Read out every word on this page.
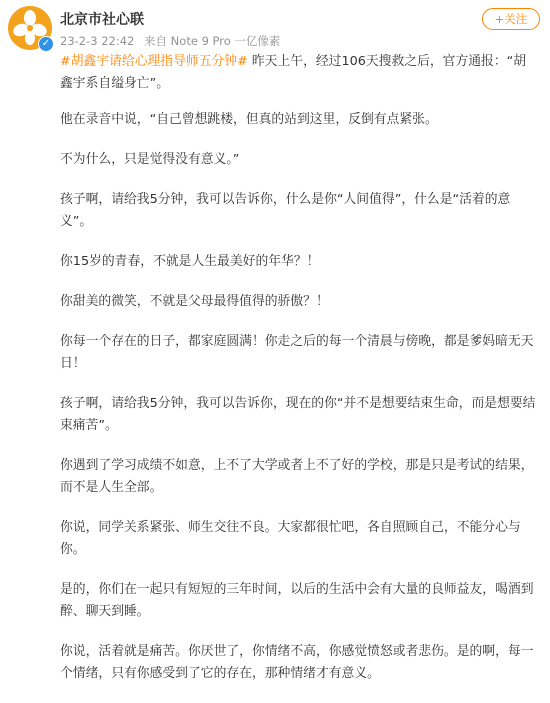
✓
北京市社心联
23-2-3 22:42 来自 Note 9 Pro 一亿像素
+关注
#胡鑫宇请给心理指导师五分钟# 昨天上午，经过106天搜救之后，官方通报：“胡鑫宇系自缢身亡”。
他在录音中说，“自己曾想跳楼，但真的站到这里，反倒有点紧张。
不为什么，只是觉得没有意义。”
孩子啊，请给我5分钟，我可以告诉你，什么是你“人间值得”，什么是“活着的意义”。
你15岁的青春，不就是人生最美好的年华？！
你甜美的微笑，不就是父母最得值得的骄傲？！
你每一个存在的日子，都家庭圆满！你走之后的每一个清晨与傍晚，都是爹妈暗无天日！
孩子啊，请给我5分钟，我可以告诉你，现在的你“并不是想要结束生命，而是想要结束痛苦”。
你遇到了学习成绩不如意，上不了大学或者上不了好的学校，那是只是考试的结果，而不是人生全部。
你说，同学关系紧张、师生交往不良。大家都很忙吧，各自照顾自己，不能分心与你。
是的，你们在一起只有短短的三年时间，以后的生活中会有大量的良师益友，喝酒到醉、聊天到睡。
你说，活着就是痛苦。你厌世了，你情绪不高，你感觉愤怒或者悲伤。是的啊，每一个情绪，只有你感受到了它的存在，那种情绪才有意义。
